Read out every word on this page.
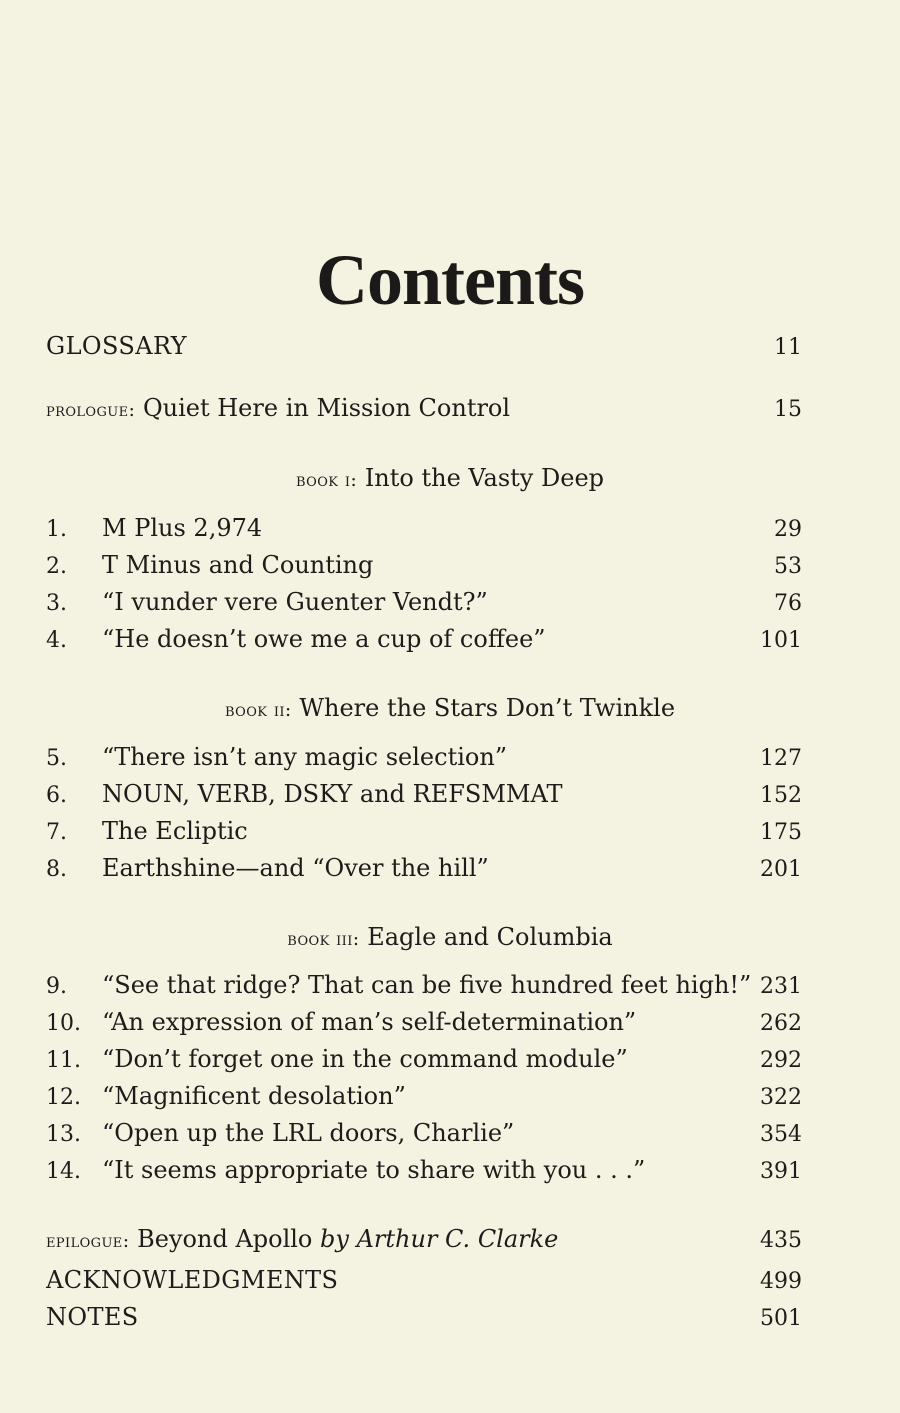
Contents
GLOSSARY	11
prologue: Quiet Here in Mission Control	15
book i: Into the Vasty Deep
1.	M Plus 2,974	29
2.	T Minus and Counting	53
3.	“I vunder vere Guenter Vendt?”	76
4.	“He doesn’t owe me a cup of coffee”	101
book ii: Where the Stars Don’t Twinkle
5.	“There isn’t any magic selection”	127
6.	NOUN, VERB, DSKY and REFSMMAT	152
7.	The Ecliptic	175
8.	Earthshine—and “Over the hill”	201
book iii: Eagle and Columbia
9.	“See that ridge? That can be five hundred feet high!” 231
10. “An expression of man’s self-determination”	262
11. “Don’t forget one in the command module”	292
12. “Magnificent desolation”	322
13. “Open up the LRL doors, Charlie”	354
14. “It seems appropriate to share with you . . .”	391
epilogue: Beyond Apollo by Arthur C. Clarke	435
ACKNOWLEDGMENTS	499
NOTES	501
